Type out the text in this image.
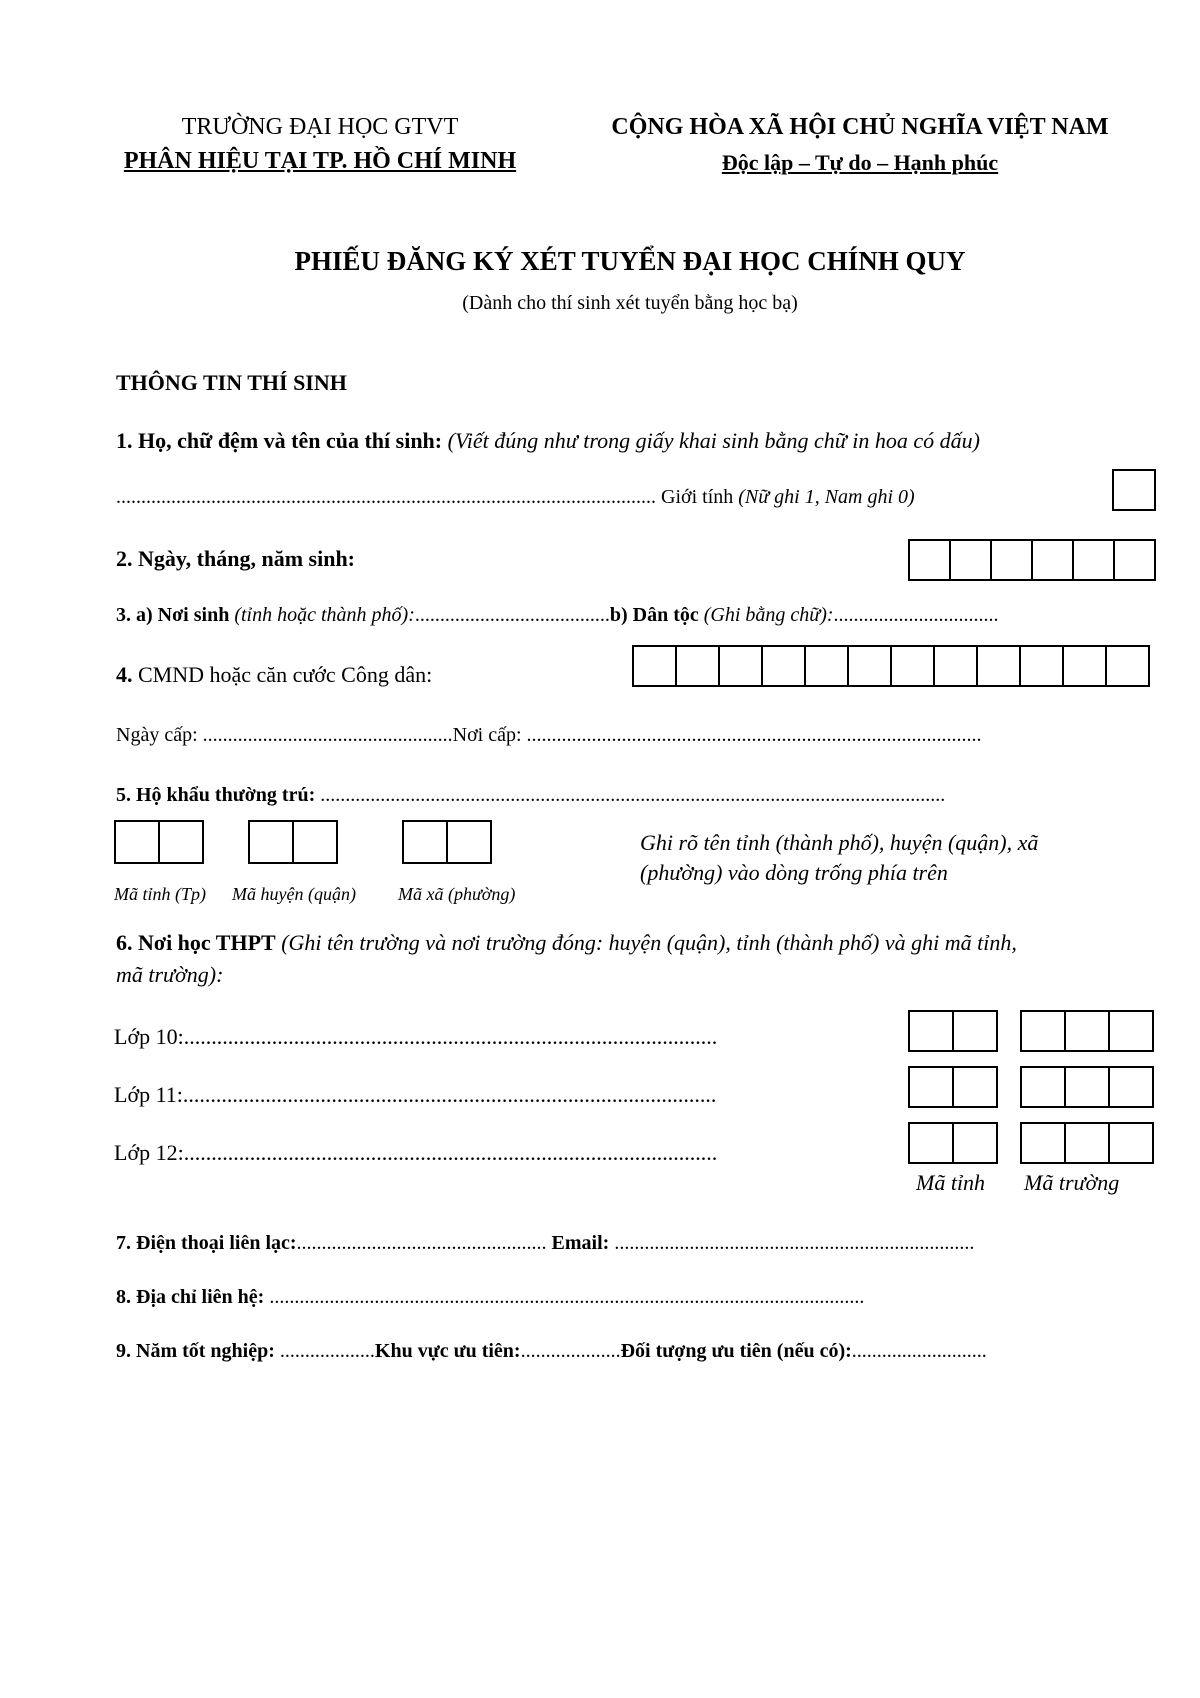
TRƯỜNG ĐẠI HỌC GTVT
PHÂN HIỆU TẠI TP. HỒ CHÍ MINH
CỘNG HÒA XÃ HỘI CHỦ NGHĨA VIỆT NAM
Độc lập – Tự do – Hạnh phúc
PHIẾU ĐĂNG KÝ XÉT TUYỂN ĐẠI HỌC CHÍNH QUY
(Dành cho thí sinh xét tuyển bằng học bạ)
THÔNG TIN THÍ SINH
1. Họ, chữ đệm và tên của thí sinh: (Viết đúng như trong giấy khai sinh bằng chữ in hoa có dấu)
............................................................................................................ Giới tính (Nữ ghi 1, Nam ghi 0)
2. Ngày, tháng, năm sinh:
3. a) Nơi sinh (tỉnh hoặc thành phố):.......................................b) Dân tộc (Ghi bằng chữ):.................................
4. CMND hoặc căn cước Công dân:
Ngày cấp: ..................................................Nơi cấp: ...........................................................................................
5. Hộ khẩu thường trú: .............................................................................................................................
Mã tỉnh (Tp) Mã huyện (quận) Mã xã (phường)
Ghi rõ tên tỉnh (thành phố), huyện (quận), xã
(phường) vào dòng trống phía trên
6. Nơi học THPT (Ghi tên trường và nơi trường đóng: huyện (quận), tỉnh (thành phố) và ghi mã tỉnh,
mã trường):
Lớp 10:.................................................................................................
Lớp 11:.................................................................................................
Lớp 12:.................................................................................................
Mã tỉnh Mã trường
7. Điện thoại liên lạc:.................................................. Email: ........................................................................
8. Địa chỉ liên hệ: .......................................................................................................................
9. Năm tốt nghiệp: ...................Khu vực ưu tiên:....................Đối tượng ưu tiên (nếu có):...........................
